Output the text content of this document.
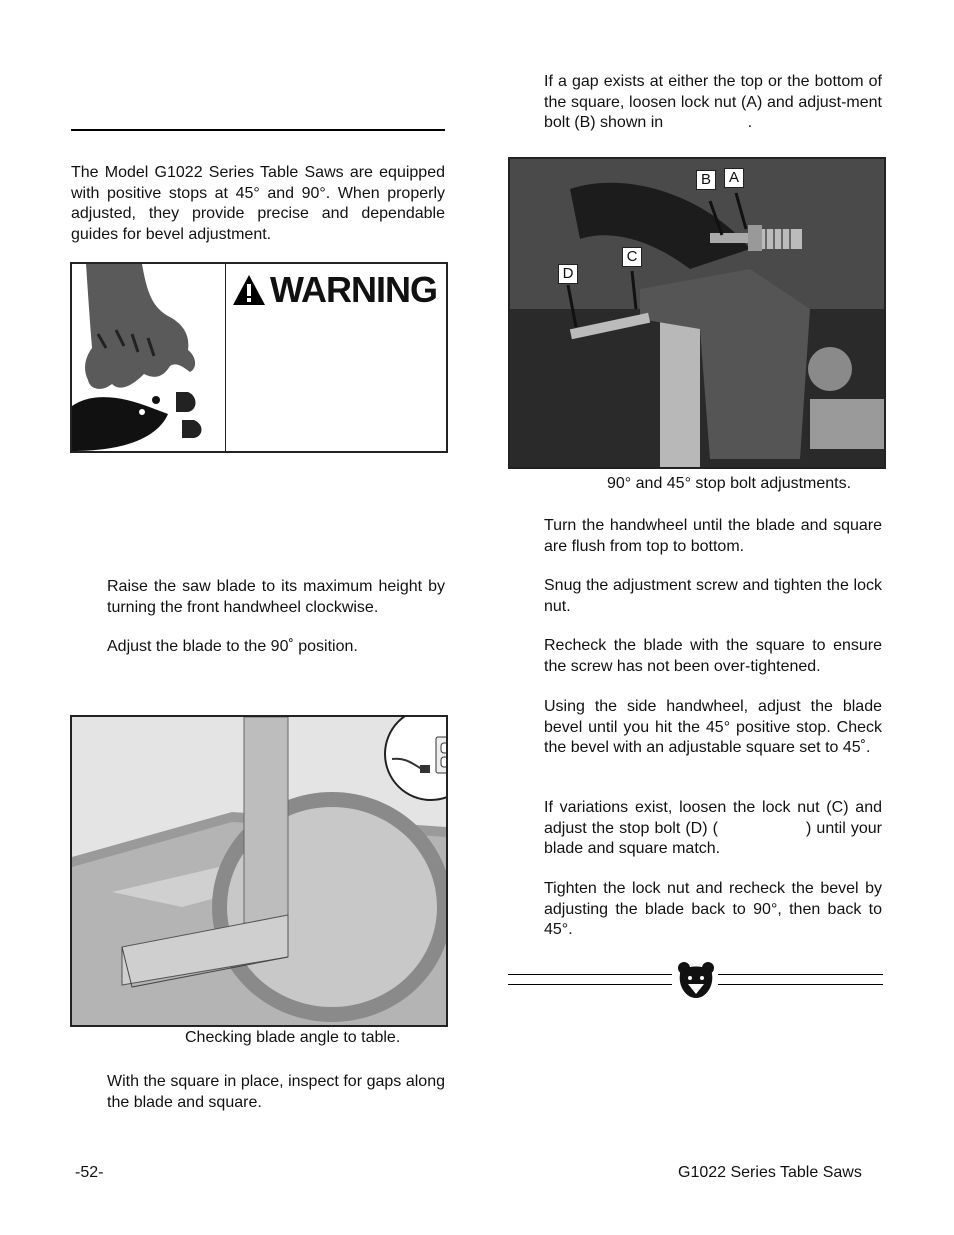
The Model G1022 Series Table Saws are equipped with positive stops at 45° and 90°. When properly adjusted, they provide precise and dependable guides for bevel adjustment.

WARNING

Raise the saw blade to its maximum height by turning the front handwheel clockwise.

Adjust the blade to the 90˚ position.

Checking blade angle to table.

With the square in place, inspect for gaps along the blade and square.

If a gap exists at either the top or the bottom of the square, loosen lock nut (A) and adjust-ment bolt (B) shown in	.

B	A
C
D
90° and 45° stop bolt adjustments.

Turn the handwheel until the blade and square are flush from top to bottom.

Snug the adjustment screw and tighten the lock nut.

Recheck the blade with the square to ensure the screw has not been over-tightened.

Using the side handwheel, adjust the blade bevel until you hit the 45° positive stop. Check the bevel with an adjustable square set to 45˚.

If variations exist, loosen the lock nut (C) and adjust the stop bolt (D) (	) until your blade and square match.

Tighten the lock nut and recheck the bevel by adjusting the blade back to 90°, then back to 45°.

-52-	G1022 Series Table Saws
